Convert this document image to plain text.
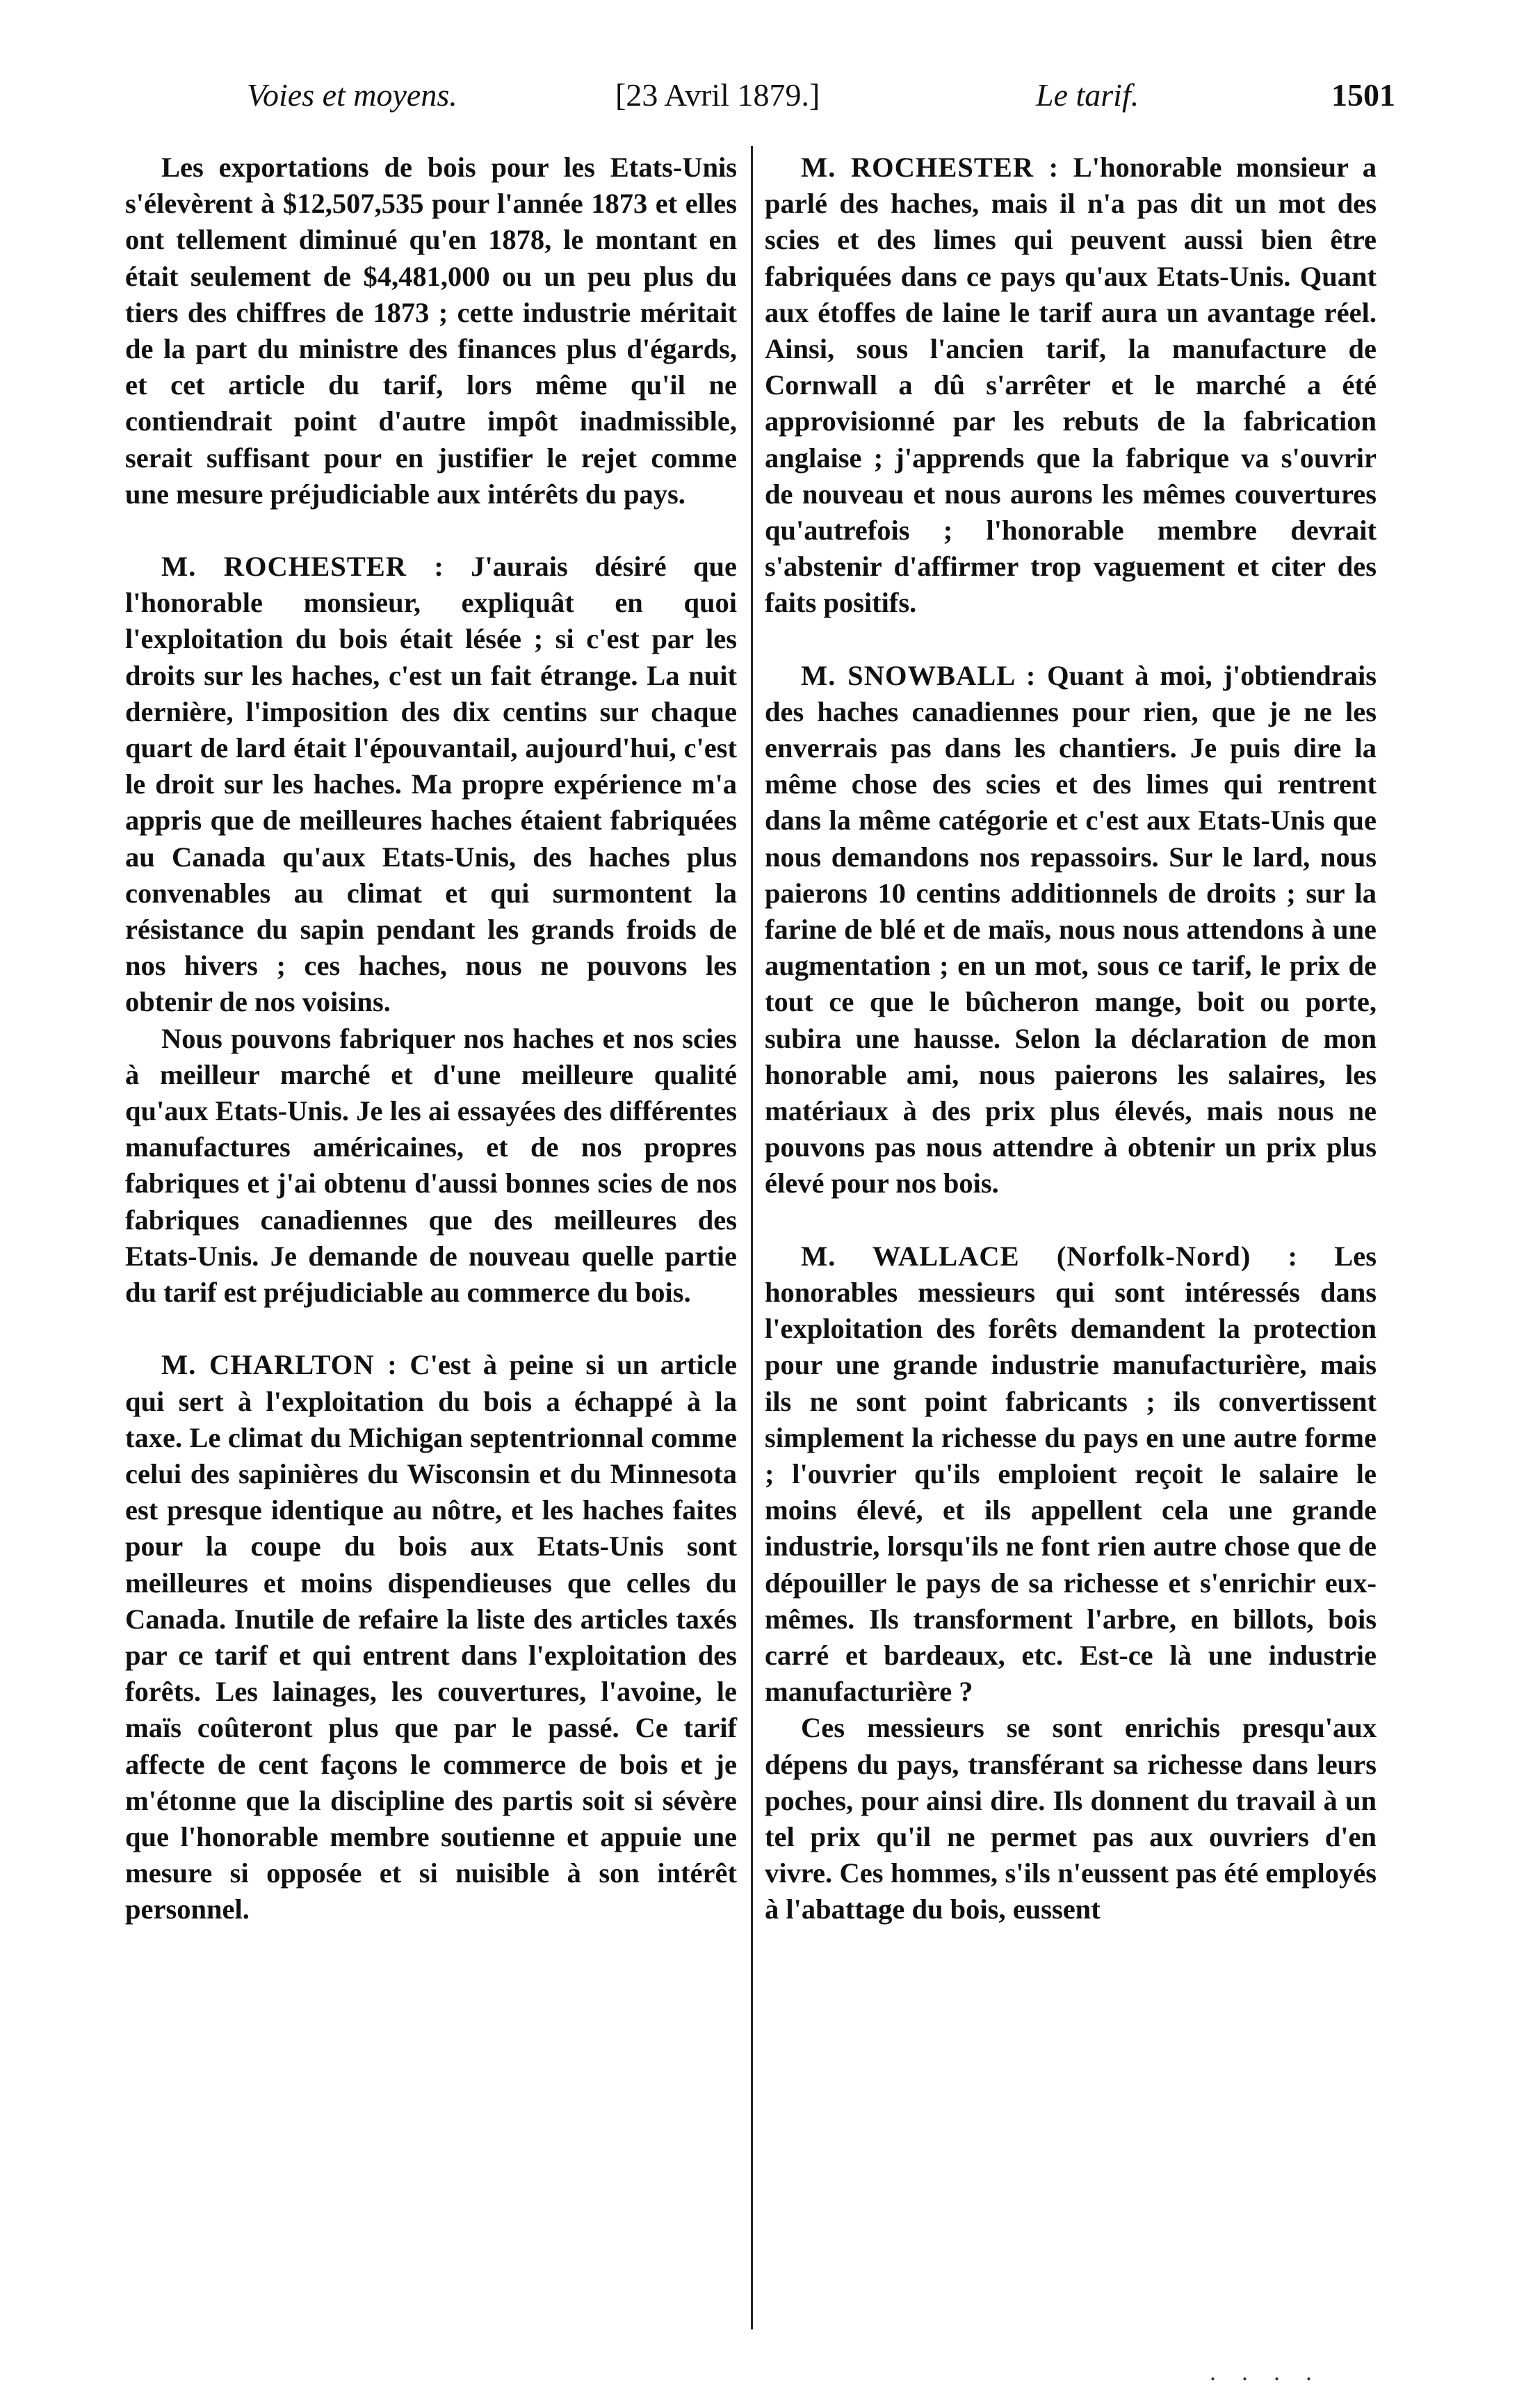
Voies et moyens.	[23 Avril 1879.]	Le tarif.	1501

Les exportations de bois pour les Etats-Unis s'élevèrent à $12,507,535 pour l'année 1873 et elles ont tellement diminué qu'en 1878, le montant en était seulement de $4,481,000 ou un peu plus du tiers des chiffres de 1873 ; cette industrie méritait de la part du ministre des finances plus d'égards, et cet article du tarif, lors même qu'il ne contiendrait point d'autre impôt inadmissible, serait suffisant pour en justifier le rejet comme une mesure préjudiciable aux intérêts du pays.

M. ROCHESTER : J'aurais désiré que l'honorable monsieur, expliquât en quoi l'exploitation du bois était lésée ; si c'est par les droits sur les haches, c'est un fait étrange. La nuit dernière, l'imposition des dix centins sur chaque quart de lard était l'épouvantail, aujourd'hui, c'est le droit sur les haches. Ma propre expérience m'a appris que de meilleures haches étaient fabriquées au Canada qu'aux Etats-Unis, des haches plus convenables au climat et qui surmontent la résistance du sapin pendant les grands froids de nos hivers ; ces haches, nous ne pouvons les obtenir de nos voisins.

Nous pouvons fabriquer nos haches et nos scies à meilleur marché et d'une meilleure qualité qu'aux Etats-Unis. Je les ai essayées des différentes manufactures américaines, et de nos propres fabriques et j'ai obtenu d'aussi bonnes scies de nos fabriques canadiennes que des meilleures des Etats-Unis. Je demande de nouveau quelle partie du tarif est préjudiciable au commerce du bois.

M. CHARLTON : C'est à peine si un article qui sert à l'exploitation du bois a échappé à la taxe. Le climat du Michigan septentrionnal comme celui des sapinières du Wisconsin et du Minnesota est presque identique au nôtre, et les haches faites pour la coupe du bois aux Etats-Unis sont meilleures et moins dispendieuses que celles du Canada. Inutile de refaire la liste des articles taxés par ce tarif et qui entrent dans l'exploitation des forêts. Les lainages, les couvertures, l'avoine, le maïs coûteront plus que par le passé. Ce tarif affecte de cent façons le commerce de bois et je m'étonne que la discipline des partis soit si sévère que l'honorable membre soutienne et appuie une mesure si opposée et si nuisible à son intérêt personnel.

M. ROCHESTER : L'honorable monsieur a parlé des haches, mais il n'a pas dit un mot des scies et des limes qui peuvent aussi bien être fabriquées dans ce pays qu'aux Etats-Unis. Quant aux étoffes de laine le tarif aura un avantage réel. Ainsi, sous l'ancien tarif, la manufacture de Cornwall a dû s'arrêter et le marché a été approvisionné par les rebuts de la fabrication anglaise ; j'apprends que la fabrique va s'ouvrir de nouveau et nous aurons les mêmes couvertures qu'autrefois ; l'honorable membre devrait s'abstenir d'affirmer trop vaguement et citer des faits positifs.

M. SNOWBALL : Quant à moi, j'obtiendrais des haches canadiennes pour rien, que je ne les enverrais pas dans les chantiers. Je puis dire la même chose des scies et des limes qui rentrent dans la même catégorie et c'est aux Etats-Unis que nous demandons nos repassoirs. Sur le lard, nous paierons 10 centins additionnels de droits ; sur la farine de blé et de maïs, nous nous attendons à une augmentation ; en un mot, sous ce tarif, le prix de tout ce que le bûcheron mange, boit ou porte, subira une hausse. Selon la déclaration de mon honorable ami, nous paierons les salaires, les matériaux à des prix plus élevés, mais nous ne pouvons pas nous attendre à obtenir un prix plus élevé pour nos bois.

M. WALLACE (Norfolk-Nord) : Les honorables messieurs qui sont intéressés dans l'exploitation des forêts demandent la protection pour une grande industrie manufacturière, mais ils ne sont point fabricants ; ils convertissent simplement la richesse du pays en une autre forme ; l'ouvrier qu'ils emploient reçoit le salaire le moins élevé, et ils appellent cela une grande industrie, lorsqu'ils ne font rien autre chose que de dépouiller le pays de sa richesse et s'enrichir eux-mêmes. Ils transforment l'arbre, en billots, bois carré et bardeaux, etc. Est-ce là une industrie manufacturière ?

Ces messieurs se sont enrichis presqu'aux dépens du pays, transférant sa richesse dans leurs poches, pour ainsi dire. Ils donnent du travail à un tel prix qu'il ne permet pas aux ouvriers d'en vivre. Ces hommes, s'ils n'eussent pas été employés à l'abattage du bois, eussent

. . . .
